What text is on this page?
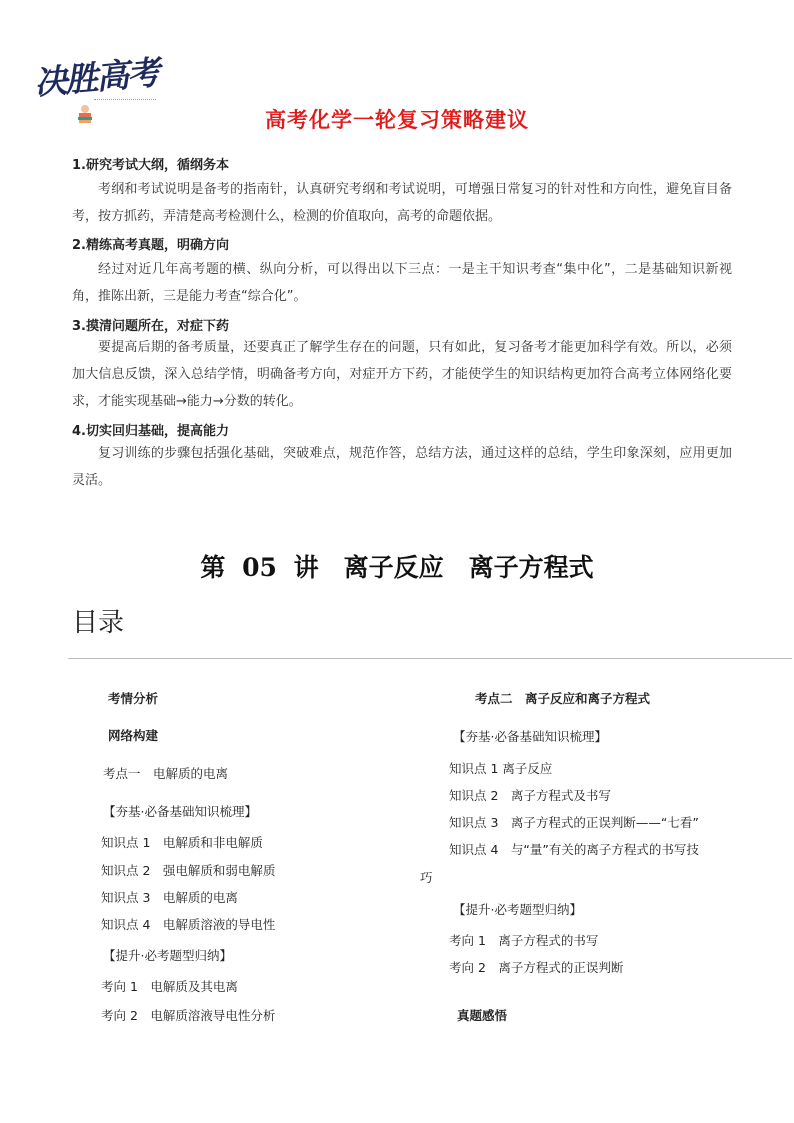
决胜高考
高考化学一轮复习策略建议
1.研究考试大纲，循纲务本
考纲和考试说明是备考的指南针，认真研究考纲和考试说明，可增强日常复习的针对性和方向性，避免盲目备考，按方抓药，弄清楚高考检测什么，检测的价值取向，高考的命题依据。
2.精练高考真题，明确方向
经过对近几年高考题的横、纵向分析，可以得出以下三点：一是主干知识考查“集中化”，二是基础知识新视角，推陈出新，三是能力考查“综合化”。
3.摸清问题所在，对症下药
要提高后期的备考质量，还要真正了解学生存在的问题，只有如此，复习备考才能更加科学有效。所以，必须加大信息反馈，深入总结学情，明确备考方向，对症开方下药，才能使学生的知识结构更加符合高考立体网络化要求，才能实现基础→能力→分数的转化。
4.切实回归基础，提高能力
复习训练的步骤包括强化基础，突破难点，规范作答，总结方法，通过这样的总结，学生印象深刻，应用更加灵活。
第 05 讲　离子反应　离子方程式
目录
考情分析
网络构建
考点一　电解质的电离
【夯基·必备基础知识梳理】
知识点 1　电解质和非电解质
知识点 2　强电解质和弱电解质
知识点 3　电解质的电离
知识点 4　电解质溶液的导电性
【提升·必考题型归纳】
考向 1　电解质及其电离
考向 2　电解质溶液导电性分析
考点二　离子反应和离子方程式
【夯基·必备基础知识梳理】
知识点 1 离子反应
知识点 2　离子方程式及书写
知识点 3　离子方程式的正误判断——“七看”
知识点 4　与“量”有关的离子方程式的书写技
巧
【提升·必考题型归纳】
考向 1　离子方程式的书写
考向 2　离子方程式的正误判断
真题感悟
